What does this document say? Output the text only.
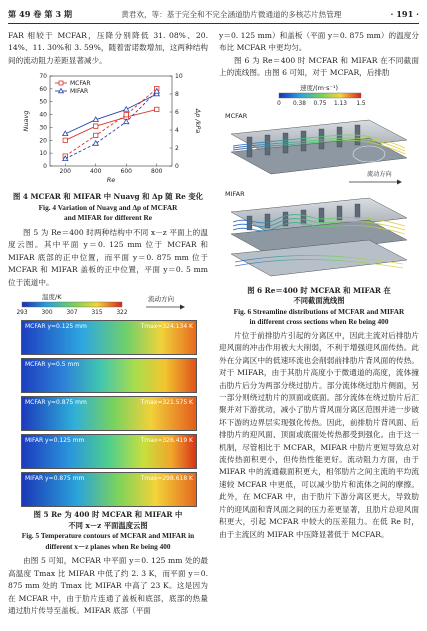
第 49 卷 第 3 期	黄君欢，等：基于完全和不完全涵道肋片微通道的多核芯片热管理	· 191 ·

FAR 相较于 MCFAR，压降分别降低 31. 08%、20. 14%、11. 30%和 3. 59%，随着雷诺数增加，这两种结构间的流动阻力差距显著减少。

200	400	600	800
0
10
20
30
40
50
60
70
0
2
4
6
8
10
Re
Nuavg	Δp /kPa
MCFAR
MIFAR

图 4 MCFAR 和 MIFAR 中 Nuavg 和 Δp 随 Re 变化

Fig. 4 Variation of Nuavg and Δp of MCFAR

and MIFAR for different Re

图 5 为 Re＝400 时两种结构中不同 x－z 平面上的温度云图。其中平面 y＝0. 125 mm 位于 MCFAR 和 MIFAR 底部的正中位置，而平面 y＝0. 875 mm 位于 MCFAR 和 MIFAR 盖板的正中位置，平面 y＝0. 5 mm 位于流道中。

温度/K
293 300 307 315 322
流动方向
MCFAR y=0.125 mm	Tmax=324.134 K
MCFAR y=0.5 mm
MCFAR y=0.875 mm	Tmax=321.575 K
MIFAR y=0.125 mm	Tmax=326.419 K
MIFAR y=0.875 mm	Tmax=298.618 K

图 5 Re 为 400 时 MCFAR 和 MIFAR 中

不同 x－z 平面温度云图

Fig. 5 Temperature contours of MCFAR and MIFAR in

different x－z planes when Re being 400

由图 5 可知，MCFAR 中平面 y＝0. 125 mm 处的最高温度 Tmax 比 MIFAR 中低了约 2. 3 K，而平面 y＝0. 875 mm 处的 Tmax 比 MIFAR 中高了 23 K。这是因为在 MCFAR 中，由于肋片连通了盖板和底部，底部的热量通过肋片传导至盖板。MIFAR 底部（平面

y＝0. 125 mm）和盖板（平面 y＝0. 875 mm）的温度分布比 MCFAR 中更均匀。

图 6 为 Re＝400 时 MCFAR 和 MIFAR 在不同截面上的流线图。由图 6 可知，对于 MCFAR，后排肋

速度/(m·s⁻¹)
0 0.38 0.75 1.13 1.5
MCFAR
流动方向
MIFAR

图 6 Re＝400 时 MCFAR 和 MIFAR 在

不同截面流线图

Fig. 6 Streamline distributions of MCFAR and MIFAR

in different cross sections when Re being 400

片位于前排肋片引起的分离区中，因此主流对后排肋片迎风面的冲击作用被大大削弱，不利于增强迎风面传热。此外在分离区中的低速环流也会削弱前排肋片背风面的传热。对于 MIFAR，由于其肋片高度小于微通道的高度，流体撞击肋片后分为两部分绕过肋片。部分流体绕过肋片侧面，另一部分则绕过肋片的顶面或底面。部分流体在绕过肋片后汇聚并对下游扰动，减小了肋片背风面分离区范围并进一步破坏下游的边界层实现强化传热。因此，前排肋片背风面、后排肋片的迎风面、顶面或底面处传热都受到强化。由于这一机制，尽管相比于 MCFAR，MIFAR 中肋片更短导致总对流传热面积更小，但传热性能更好。流动阻力方面，由于 MIFAR 中的流通截面积更大，相邻肋片之间主流的平均流速较 MCFAR 中更低，可以减少肋片和流体之间的摩擦。此外，在 MCFAR 中，由于肋片下游分离区更大，导致肋片的迎风面和背风面之间的压力差更显著，且肋片总迎风面积更大，引起 MCFAR 中较大的压差阻力。在低 Re 时，由于主流区的 MIFAR 中压降显著低于 MCFAR。
